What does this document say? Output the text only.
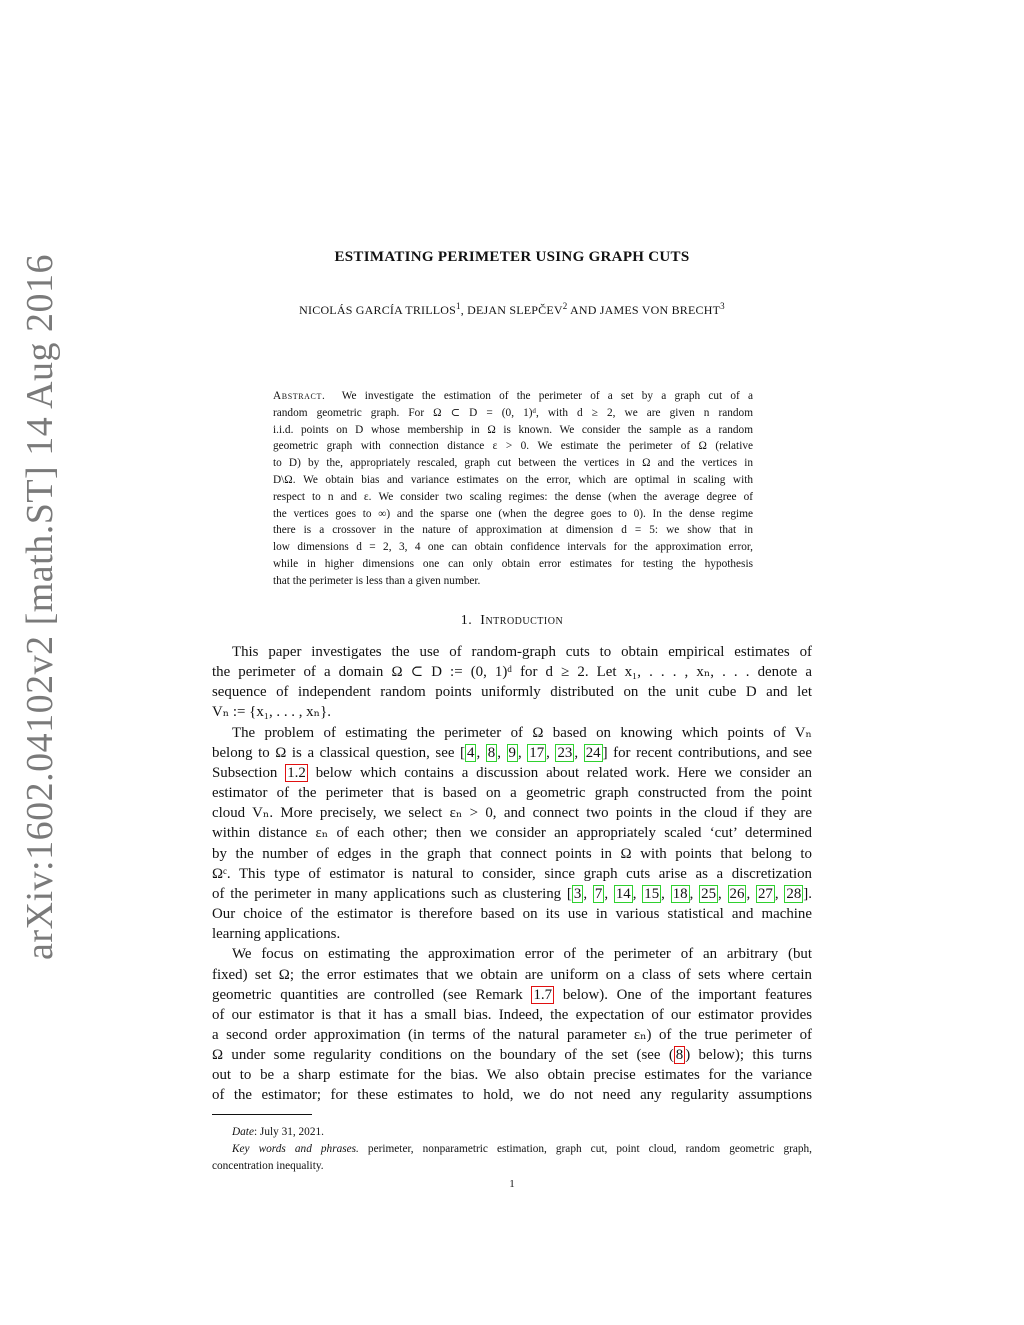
arXiv:1602.04102v2 [math.ST] 14 Aug 2016	ESTIMATING PERIMETER USING GRAPH CUTS
NICOLÁS GARCÍA TRILLOS$^1$, DEJAN SLEPČEV$^2$ AND JAMES VON BRECHT$^3$
Abstract. We investigate the estimation of the perimeter of a set by a graph cut of a
random geometric graph. For Ω ⊂ D = (0, 1)ᵈ, with d ≥ 2, we are given n random
i.i.d. points on D whose membership in Ω is known. We consider the sample as a random
geometric graph with connection distance ε > 0. We estimate the perimeter of Ω (relative
to D) by the, appropriately rescaled, graph cut between the vertices in Ω and the vertices in
D\Ω. We obtain bias and variance estimates on the error, which are optimal in scaling with
respect to n and ε. We consider two scaling regimes: the dense (when the average degree of
the vertices goes to ∞) and the sparse one (when the degree goes to 0). In the dense regime
there is a crossover in the nature of approximation at dimension d = 5: we show that in
low dimensions d = 2, 3, 4 one can obtain confidence intervals for the approximation error,
while in higher dimensions one can only obtain error estimates for testing the hypothesis
that the perimeter is less than a given number.
1. Introduction
This paper investigates the use of random-graph cuts to obtain empirical estimates of
the perimeter of a domain Ω ⊂ D := (0, 1)ᵈ for d ≥ 2. Let x₁, . . . , xₙ, . . . denote a
sequence of independent random points uniformly distributed on the unit cube D and let
Vₙ := {x₁, . . . , xₙ}.
The problem of estimating the perimeter of Ω based on knowing which points of Vₙ
belong to Ω is a classical question, see [ 4 , 8 , 9 , 17 , 23 , 24 ] for recent contributions, and see
Subsection 1.2 below which contains a discussion about related work. Here we consider an
estimator of the perimeter that is based on a geometric graph constructed from the point
cloud Vₙ. More precisely, we select εₙ > 0, and connect two points in the cloud if they are
within distance εₙ of each other; then we consider an appropriately scaled ‘cut’ determined
by the number of edges in the graph that connect points in Ω with points that belong to
Ωᶜ. This type of estimator is natural to consider, since graph cuts arise as a discretization
of the perimeter in many applications such as clustering [ 3 , 7 , 14 , 15 , 18 , 25 , 26 , 27 , 28 ].
Our choice of the estimator is therefore based on its use in various statistical and machine
learning applications.
We focus on estimating the approximation error of the perimeter of an arbitrary (but
fixed) set Ω; the error estimates that we obtain are uniform on a class of sets where certain
geometric quantities are controlled (see Remark 1.7 below). One of the important features
of our estimator is that it has a small bias. Indeed, the expectation of our estimator provides
a second order approximation (in terms of the natural parameter εₙ) of the true perimeter of
Ω under some regularity conditions on the boundary of the set (see ( 8 ) below); this turns
out to be a sharp estimate for the bias. We also obtain precise estimates for the variance
of the estimator; for these estimates to hold, we do not need any regularity assumptions
Date: July 31, 2021.
Key words and phrases. perimeter, nonparametric estimation, graph cut, point cloud, random geometric graph,
concentration inequality.
1
